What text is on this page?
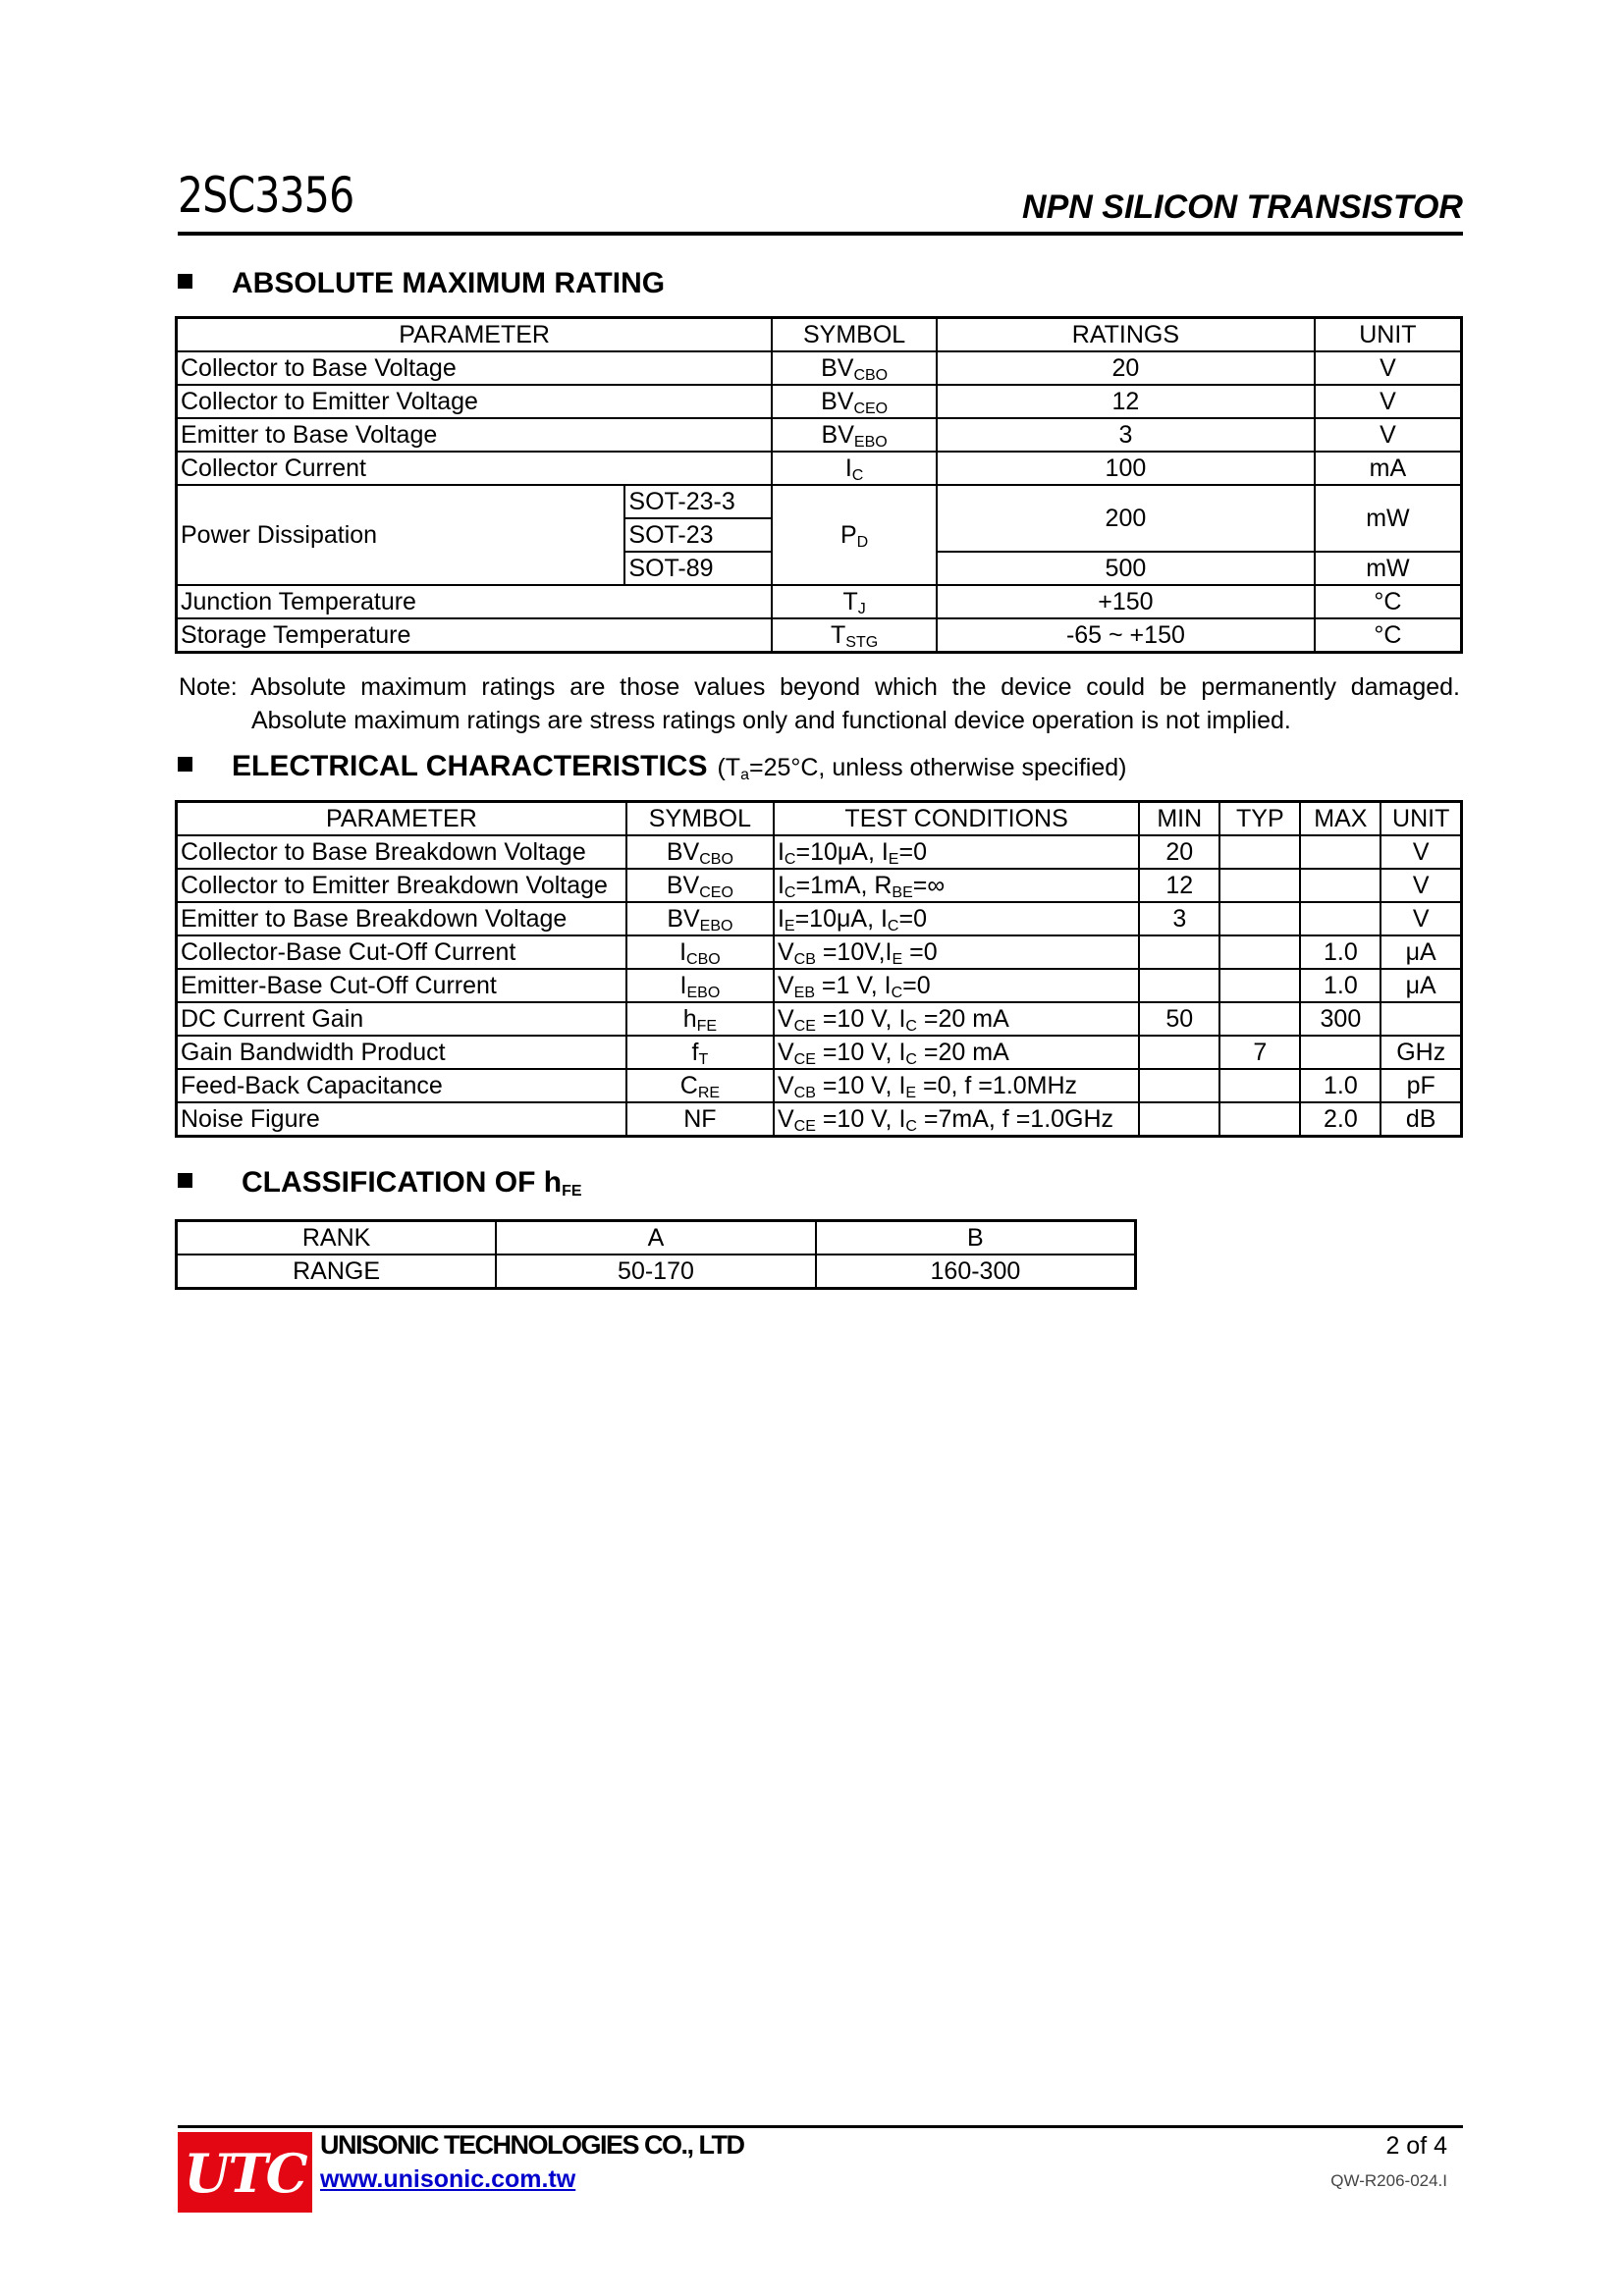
2SC3356	NPN SILICON TRANSISTOR
ABSOLUTE MAXIMUM RATING
PARAMETER		SYMBOL	RATINGS	UNIT
Collector to Base Voltage		$BV_{CBO}$	20	V
Collector to Emitter Voltage		$BV_{CEO}$	12	V
Emitter to Base Voltage		$BV_{EBO}$	3	V
Collector Current		$I_C$	100	mA
Power Dissipation	SOT-23-3	$P_D$	200	mW
	SOT-23			
	SOT-89		500	mW
Junction Temperature		$T_J$	+150	°C
Storage Temperature		$T_{STG}$	-65 ~ +150	°C
Note: Absolute maximum ratings are those values beyond which the device could be permanently damaged.
Absolute maximum ratings are stress ratings only and functional device operation is not implied.
ELECTRICAL CHARACTERISTICS ($T_a=25^\circ C$, unless otherwise specified)
PARAMETER	SYMBOL	TEST CONDITIONS	MIN	TYP	MAX	UNIT
Collector to Base Breakdown Voltage	$BV_{CBO}$	$I_C=10\mu A$, $I_E=0$	20			V
Collector to Emitter Breakdown Voltage	$BV_{CEO}$	$I_C=1mA$, $R_{BE}=\infty$	12			V
Emitter to Base Breakdown Voltage	$BV_{EBO}$	$I_E=10\mu A$, $I_C=0$	3			V
Collector-Base Cut-Off Current	$I_{CBO}$	$V_{CB} =10V,I_E =0$			1.0	μA
Emitter-Base Cut-Off Current	$I_{EBO}$	$V_{EB} =1$ V, $I_C=0$			1.0	μA
DC Current Gain	$h_{FE}$	$V_{CE} =10$ V, $I_C =20$ mA	50		300	
Gain Bandwidth Product	$f_T$	$V_{CE} =10$ V, $I_C =20$ mA		7		GHz
Feed-Back Capacitance	$C_{RE}$	$V_{CB} =10$ V, $I_E =0$, f =1.0MHz			1.0	pF
Noise Figure	NF	$V_{CE} =10$ V, $I_C =7mA$, f =1.0GHz			2.0	dB
CLASSIFICATION OF $h_{FE}$
RANK	A	B
RANGE	50-170	160-300
UTC UNISONIC TECHNOLOGIES CO., LTD
www.unisonic.com.tw
2 of 4
QW-R206-024.I
